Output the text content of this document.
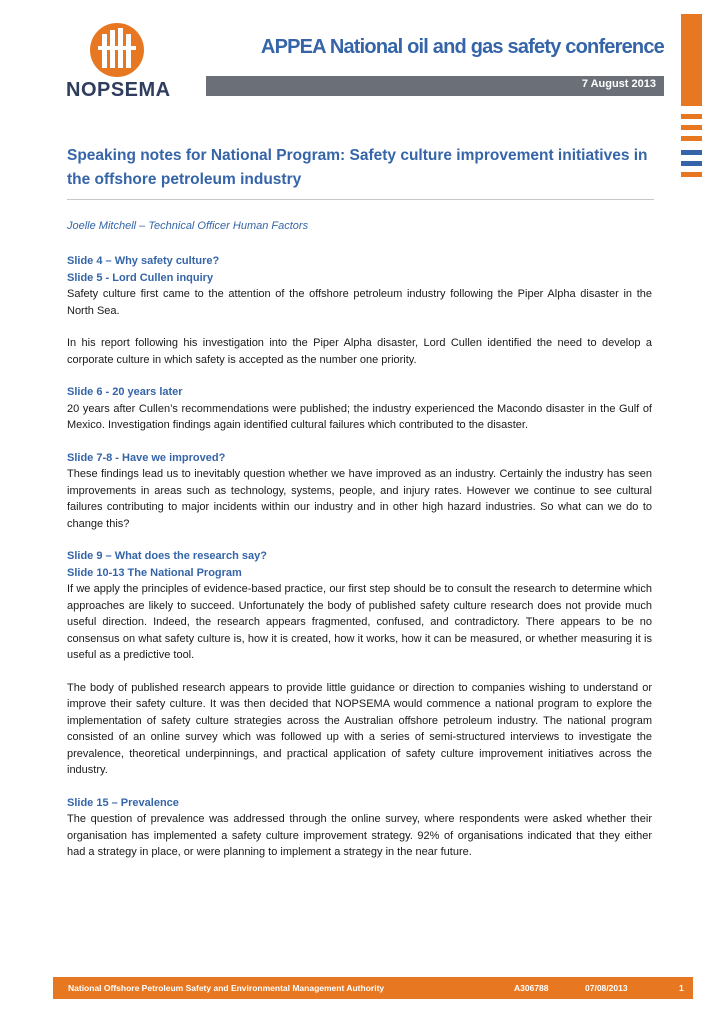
NOPSEMA
APPEA National oil and gas safety conference
7 August 2013
Speaking notes for National Program: Safety culture improvement initiatives in the offshore petroleum industry

Joelle Mitchell – Technical Officer Human Factors

Slide 4 – Why safety culture?
Slide 5 - Lord Cullen inquiry

Safety culture first came to the attention of the offshore petroleum industry following the Piper Alpha disaster in the North Sea.

In his report following his investigation into the Piper Alpha disaster, Lord Cullen identified the need to develop a corporate culture in which safety is accepted as the number one priority.

Slide 6 - 20 years later

20 years after Cullen’s recommendations were published; the industry experienced the Macondo disaster in the Gulf of Mexico. Investigation findings again identified cultural failures which contributed to the disaster.

Slide 7-8 - Have we improved?

These findings lead us to inevitably question whether we have improved as an industry. Certainly the industry has seen improvements in areas such as technology, systems, people, and injury rates. However we continue to see cultural failures contributing to major incidents within our industry and in other high hazard industries. So what can we do to change this?

Slide 9 – What does the research say?
Slide 10-13 The National Program

If we apply the principles of evidence-based practice, our first step should be to consult the research to determine which approaches are likely to succeed. Unfortunately the body of published safety culture research does not provide much useful direction. Indeed, the research appears fragmented, confused, and contradictory. There appears to be no consensus on what safety culture is, how it is created, how it works, how it can be measured, or whether measuring it is useful as a predictive tool.

The body of published research appears to provide little guidance or direction to companies wishing to understand or improve their safety culture. It was then decided that NOPSEMA would commence a national program to explore the implementation of safety culture strategies across the Australian offshore petroleum industry. The national program consisted of an online survey which was followed up with a series of semi-structured interviews to investigate the prevalence, theoretical underpinnings, and practical application of safety culture improvement initiatives across the industry.

Slide 15 – Prevalence

The question of prevalence was addressed through the online survey, where respondents were asked whether their organisation has implemented a safety culture improvement strategy. 92% of organisations indicated that they either had a strategy in place, or were planning to implement a strategy in the near future.

National Offshore Petroleum Safety and Environmental Management Authority	A306788	07/08/2013	1
